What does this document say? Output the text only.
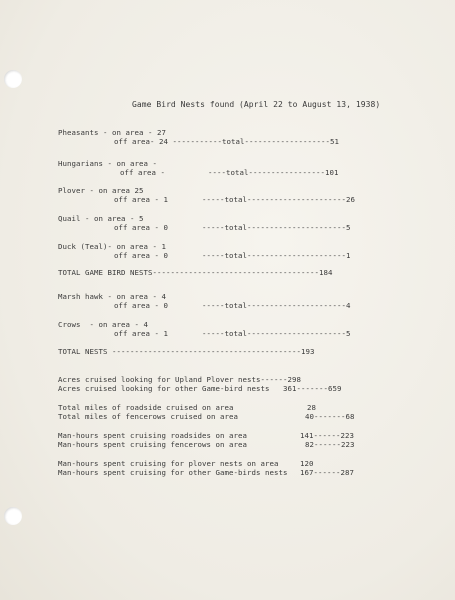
Game Bird Nests found (April 22 to August 13, 1938)
Pheasants - on area - 27
off area- 24 -----------total-------------------51
Hungarians - on area -
off area -	----total-----------------101
Plover - on area 25
off area - 1	-----total----------------------26
Quail - on area - 5
off area - 0	-----total----------------------5
Duck (Teal)- on area - 1
off area - 0	-----total----------------------1
TOTAL GAME BIRD NESTS-------------------------------------184
Marsh hawk - on area - 4
off area - 0	-----total----------------------4
Crows  - on area - 4
off area - 1	-----total----------------------5
TOTAL NESTS ------------------------------------------193
Acres cruised looking for Upland Plover nests------298
Acres cruised looking for other Game-bird nests   361-------659
Total miles of roadside cruised on area	28
Total miles of fencerows cruised on area	40-------68
Man-hours spent cruising roadsides on area	141------223
Man-hours spent cruising fencerows on area	82------223
Man-hours spent cruising for plover nests on area	120
Man-hours spent cruising for other Game-birds nests 167------287
